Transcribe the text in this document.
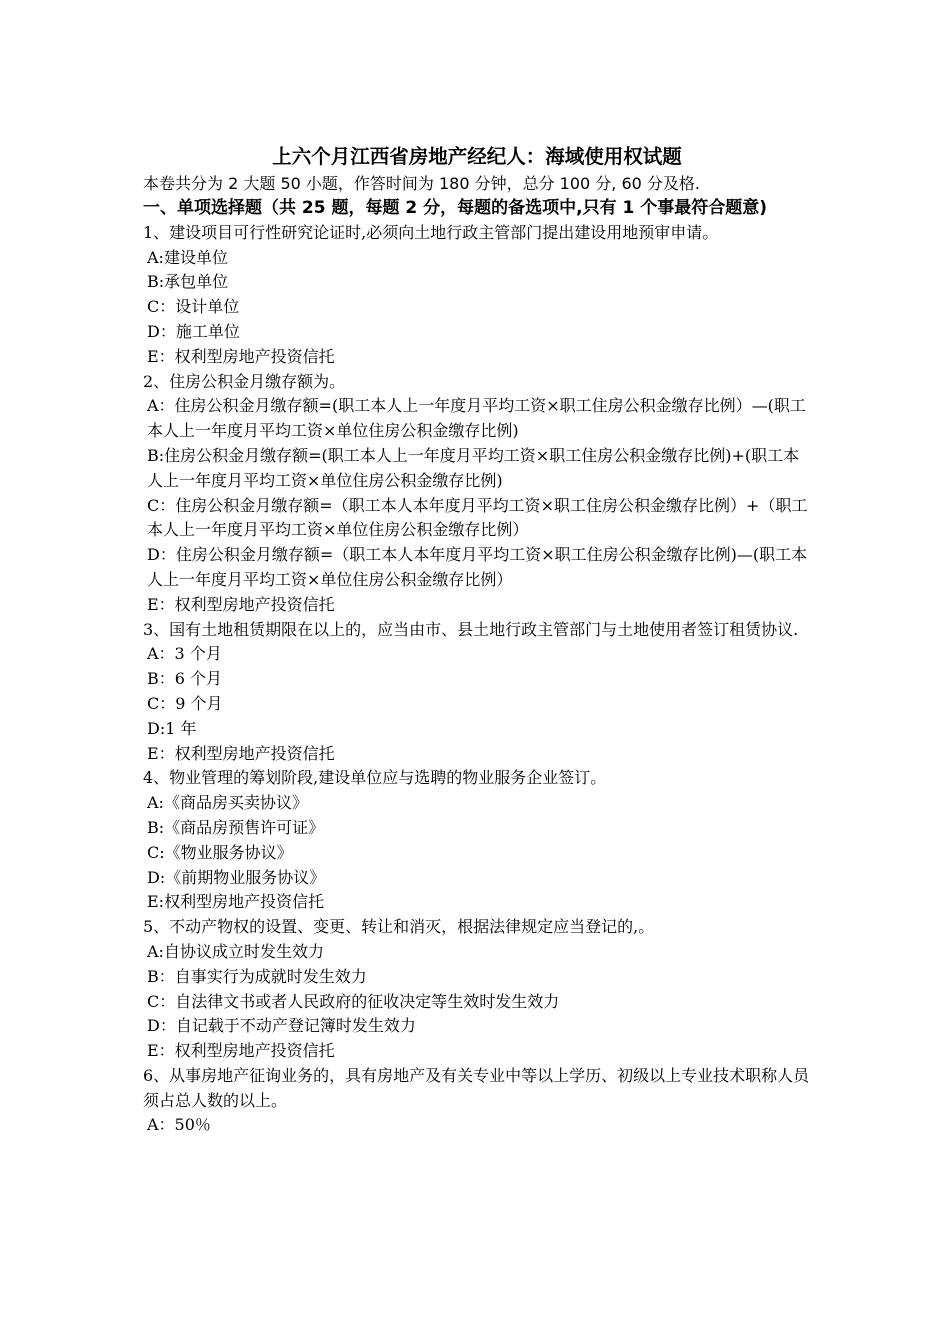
上六个月江西省房地产经纪人：海域使用权试题
本卷共分为 2 大题 50 小题，作答时间为 180 分钟，总分 100 分, 60 分及格.
一、单项选择题（共 25 题，每题 2 分，每题的备选项中,只有 1 个事最符合题意)
1、建设项目可行性研究论证时,必须向土地行政主管部门提出建设用地预审申请。
A:建设单位
B:承包单位
C：设计单位
D：施工单位
E：权利型房地产投资信托
2、住房公积金月缴存额为。
A：住房公积金月缴存额=(职工本人上一年度月平均工资×职工住房公积金缴存比例）—(职工本人上一年度月平均工资×单位住房公积金缴存比例)
B:住房公积金月缴存额=(职工本人上一年度月平均工资×职工住房公积金缴存比例)+(职工本人上一年度月平均工资×单位住房公积金缴存比例)
C：住房公积金月缴存额=（职工本人本年度月平均工资×职工住房公积金缴存比例）+（职工本人上一年度月平均工资×单位住房公积金缴存比例）
D：住房公积金月缴存额=（职工本人本年度月平均工资×职工住房公积金缴存比例)—(职工本人上一年度月平均工资×单位住房公积金缴存比例）
E：权利型房地产投资信托
3、国有土地租赁期限在以上的，应当由市、县土地行政主管部门与土地使用者签订租赁协议.
A：3 个月
B：6 个月
C：9 个月
D:1 年
E：权利型房地产投资信托
4、物业管理的筹划阶段,建设单位应与选聘的物业服务企业签订。
A:《商品房买卖协议》
B:《商品房预售许可证》
C:《物业服务协议》
D:《前期物业服务协议》
E:权利型房地产投资信托
5、不动产物权的设置、变更、转让和消灭，根据法律规定应当登记的,。
A:自协议成立时发生效力
B：自事实行为成就时发生效力
C：自法律文书或者人民政府的征收决定等生效时发生效力
D：自记载于不动产登记簿时发生效力
E：权利型房地产投资信托
6、从事房地产征询业务的，具有房地产及有关专业中等以上学历、初级以上专业技术职称人员须占总人数的以上。
A：50％
